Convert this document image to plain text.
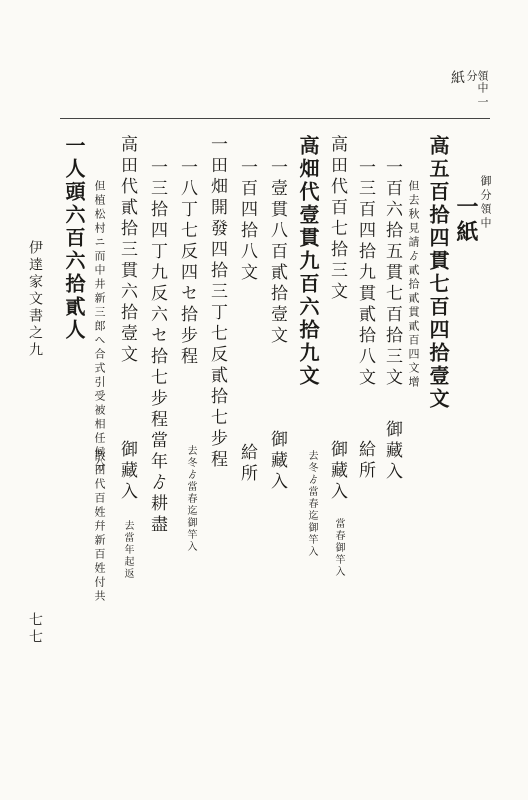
分
領中
一
紙
御分領中
一紙
高五百拾四貫七百四拾壹文
但去秋見請ゟ貳拾貳貫貳百四文增
一百六拾五貫七百拾三文
御藏入
一三百四拾九貫貳拾八文
給所
高田代百七拾三文
御藏入
當春御竿入
高畑代壹貫九百六拾九文
去冬ゟ當春迄御竿入
一壹貫八百貳拾壹文
御藏入
一百四拾八文
給所
一田畑開發四拾三丁七反貳拾七步程
一八丁七反四セ拾步程
去冬ゟ當春迄御竿入
一三拾四丁九反六セ拾七步程當年ゟ耕盡
高田代貳拾三貫六拾壹文
御藏入
去當年起返
但植松村ニ而中井新三郎へ合式引受被相任候分
散田代百姓幷新百姓付共
一人頭六百六拾貳人
伊達家文書之九
七七
